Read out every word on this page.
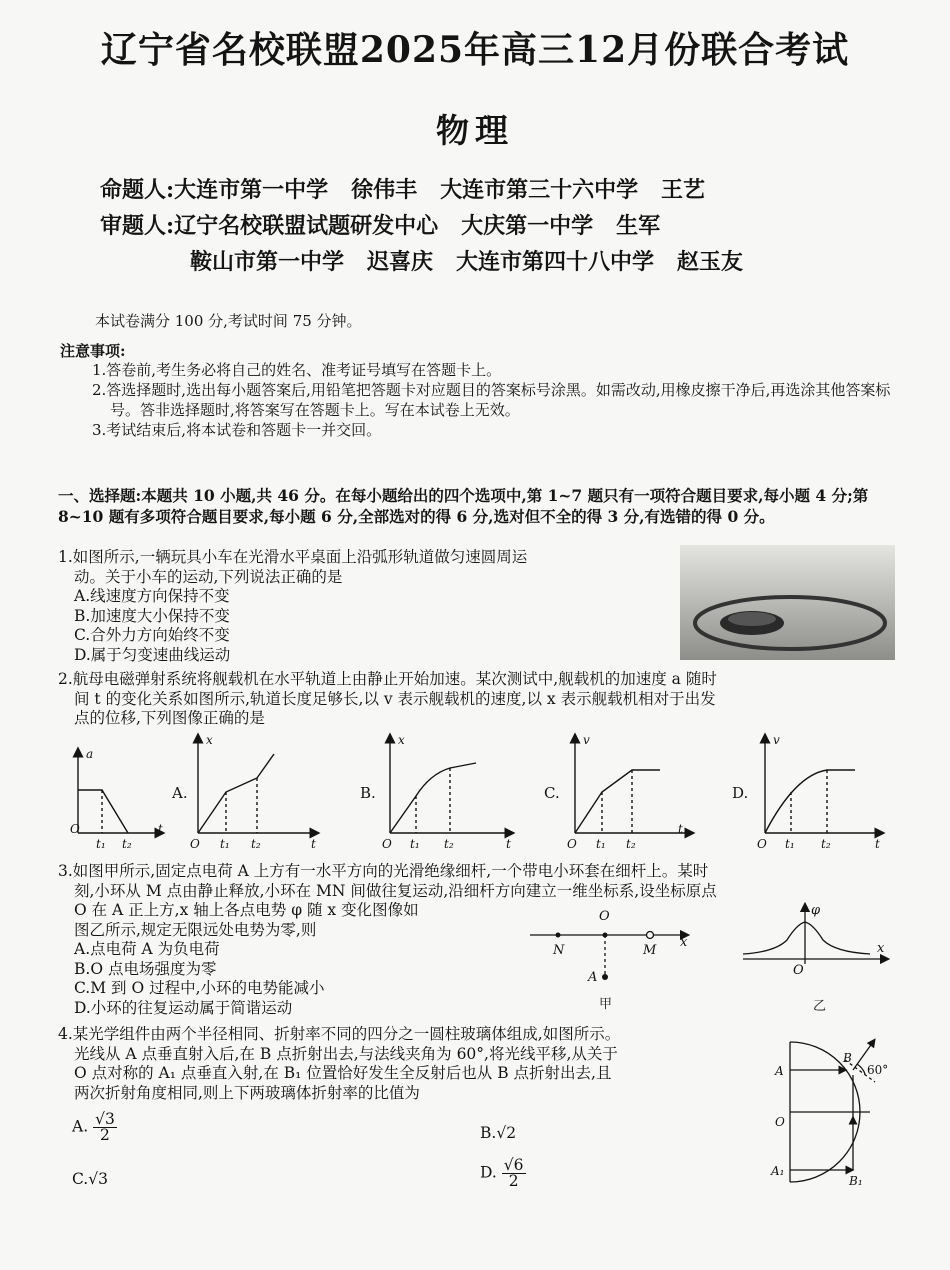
辽宁省名校联盟2025年高三12月份联合考试
物理
命题人:大连市第一中学   徐伟丰   大连市第三十六中学   王艺
审题人:辽宁名校联盟试题研发中心   大庆第一中学   生军
鞍山市第一中学   迟喜庆   大连市第四十八中学   赵玉友
本试卷满分 100 分,考试时间 75 分钟。
注意事项:

1.答卷前,考生务必将自己的姓名、准考证号填写在答题卡上。

2.答选择题时,选出每小题答案后,用铅笔把答题卡对应题目的答案标号涂黑。如需改动,用橡皮擦干净后,再选涂其他答案标号。答非选择题时,将答案写在答题卡上。写在本试卷上无效。

3.考试结束后,将本试卷和答题卡一并交回。

一、选择题:本题共 10 小题,共 46 分。在每小题给出的四个选项中,第 1~7 题只有一项符合题目要求,每小题 4 分;第 8~10 题有多项符合题目要求,每小题 6 分,全部选对的得 6 分,选对但不全的得 3 分,有选错的得 0 分。

1.如图所示,一辆玩具小车在光滑水平桌面上沿弧形轨道做匀速圆周运

动。关于小车的运动,下列说法正确的是

A.线速度方向保持不变

B.加速度大小保持不变

C.合外力方向始终不变

D.属于匀变速曲线运动

2.航母电磁弹射系统将舰载机在水平轨道上由静止开始加速。某次测试中,舰载机的加速度 a 随时

间 t 的变化关系如图所示,轨道长度足够长,以 v 表示舰载机的速度,以 x 表示舰载机相对于出发

点的位移,下列图像正确的是

a
O
t₁ t₂
t
A.
x
O t₁ t₂	t
B.
x
O t₁ t₂	t
C.
v
O t₁ t₂
t
D.
v
O t₁ t₂	t

3.如图甲所示,固定点电荷 A 上方有一水平方向的光滑绝缘细杆,一个带电小环套在细杆上。某时

刻,小环从 M 点由静止释放,小环在 MN 间做往复运动,沿细杆方向建立一维坐标系,设坐标原点

O 在 A 正上方,x 轴上各点电势 φ 随 x 变化图像如

图乙所示,规定无限远处电势为零,则

A.点电荷 A 为负电荷

B.O 点电场强度为零

C.M 到 O 过程中,小环的电势能减小

D.小环的往复运动属于简谐运动

N
O
M
x
A
甲
φ
x
O
乙

4.某光学组件由两个半径相同、折射率不同的四分之一圆柱玻璃体组成,如图所示。

光线从 A 点垂直射入后,在 B 点折射出去,与法线夹角为 60°,将光线平移,从关于

O 点对称的 A₁ 点垂直入射,在 B₁ 位置恰好发生全反射后也从 B 点折射出去,且

两次折射角度相同,则上下两玻璃体折射率的比值为

A. $\frac{√3}{2}$	B.√2
C.√3	D. $\frac{√6}{2}$
A
B
60°
O
A₁
B₁
